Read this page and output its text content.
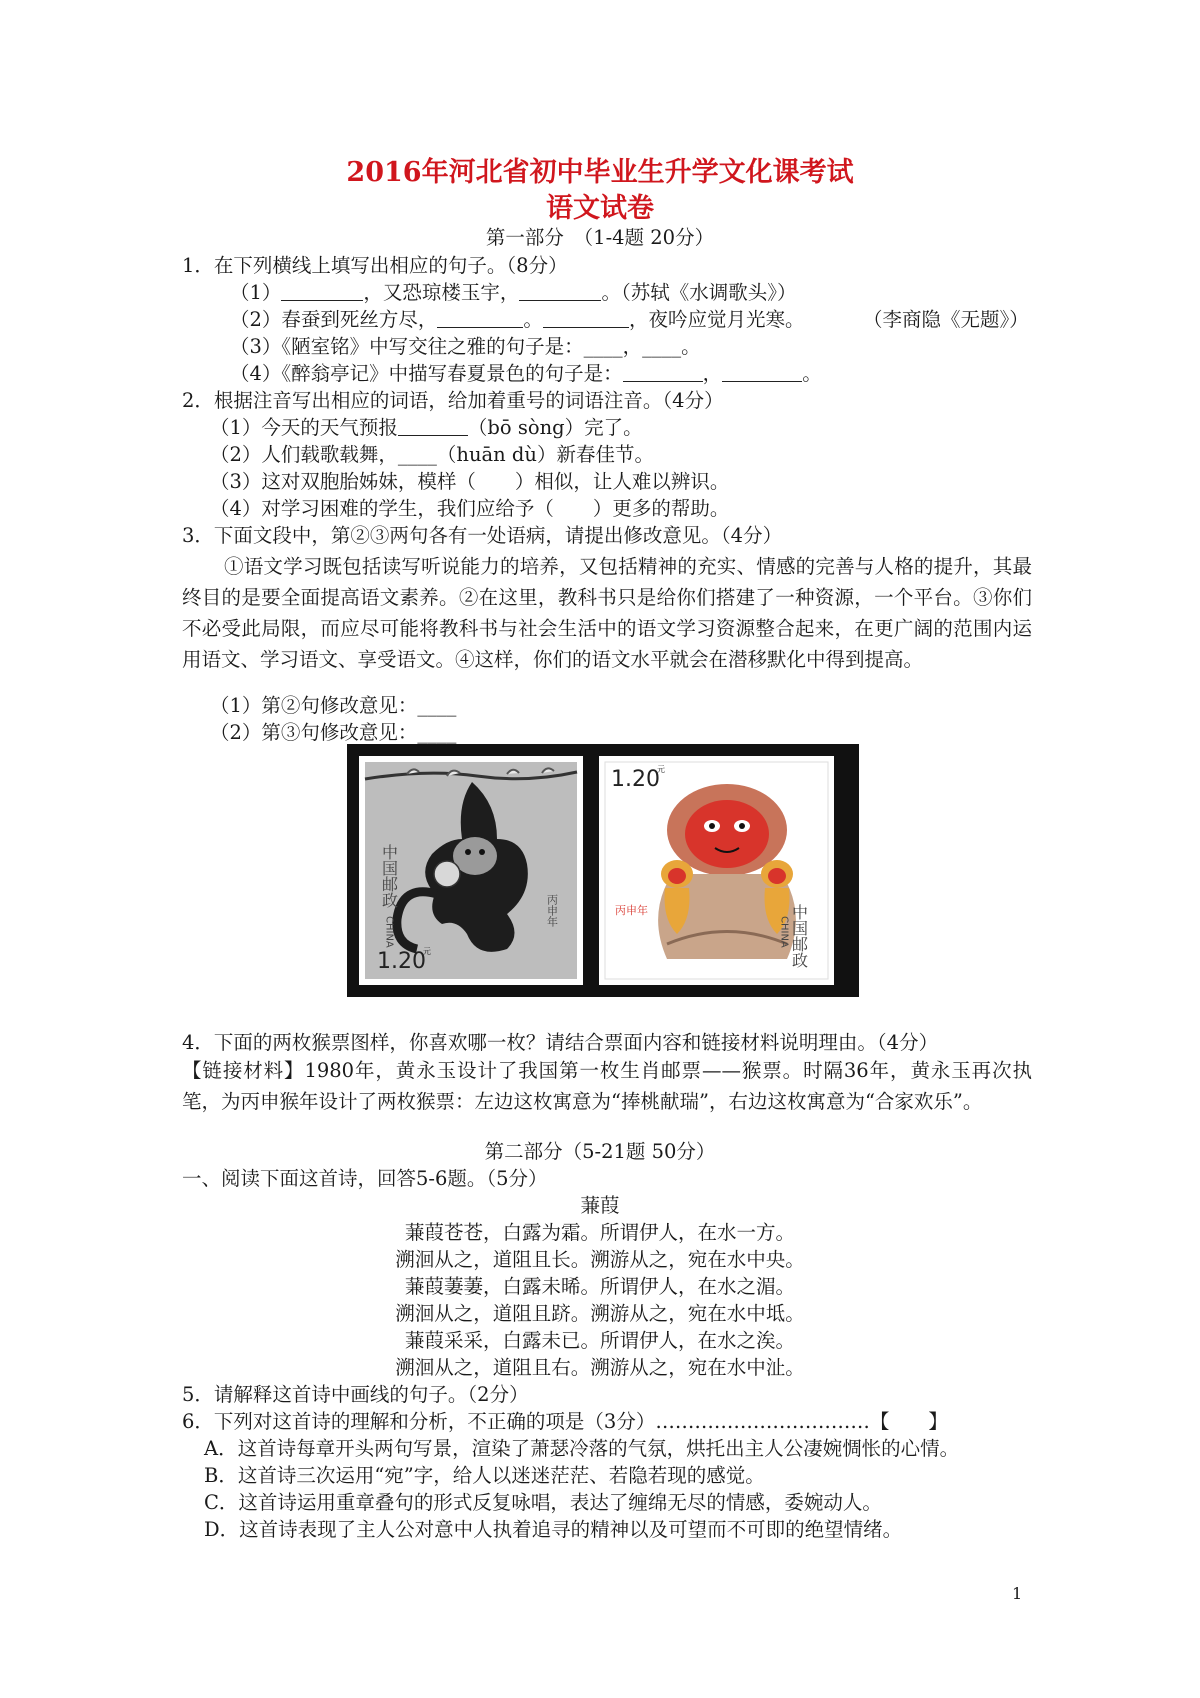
2016年河北省初中毕业生升学文化课考试
语文试卷
第一部分　（1-4题 20分）
1．在下列横线上填写出相应的句子。（8分）
（1）	，又恐琼楼玉宇，	。（苏轼《水调歌头》）
（2）春蚕到死丝方尽，	。	，夜吟应觉月光寒。	（李商隐《无题》）
（3）《陋室铭》中写交往之雅的句子是：____，____。
（4）《醉翁亭记》中描写春夏景色的句子是：	，	。
2．根据注音写出相应的词语，给加着重号的词语注音。（4分）
（1）今天的天气预报	（bō sòng）完了。
（2）人们载歌载舞，____（huān dù）新春佳节。
（3）这对双胞胎姊妹，模样（　　）相似，让人难以辨识。
（4）对学习困难的学生，我们应给予（　　）更多的帮助。
3．下面文段中，第②③两句各有一处语病，请提出修改意见。（4分）
①语文学习既包括读写听说能力的培养，又包括精神的充实、情感的完善与人格的提升，其最终目的是要全面提高语文素养。②在这里，教科书只是给你们搭建了一种资源，一个平台。③你们不必受此局限，而应尽可能将教科书与社会生活中的语文学习资源整合起来，在更广阔的范围内运用语文、学习语文、享受语文。④这样，你们的语文水平就会在潜移默化中得到提高。
（1）第②句修改意见：____
（2）第③句修改意见：____
中国邮政
CHINA
1.20
元
丙申年
1.20
元
丙申年	中国邮政
CHINA
4．下面的两枚猴票图样，你喜欢哪一枚？请结合票面内容和链接材料说明理由。（4分）
【链接材料】1980年，黄永玉设计了我国第一枚生肖邮票——猴票。时隔36年，黄永玉再次执笔，为丙申猴年设计了两枚猴票：左边这枚寓意为“捧桃献瑞”，右边这枚寓意为“合家欢乐”。
第二部分（5-21题 50分）
一、阅读下面这首诗，回答5-6题。（5分）
蒹葭
蒹葭苍苍，白露为霜。所谓伊人，在水一方。
溯洄从之，道阻且长。溯游从之，宛在水中央。
蒹葭萋萋，白露未晞。所谓伊人，在水之湄。
溯洄从之，道阻且跻。溯游从之，宛在水中坻。
蒹葭采采，白露未已。所谓伊人，在水之涘。
溯洄从之，道阻且右。溯游从之，宛在水中沚。
5．请解释这首诗中画线的句子。（2分）
6．下列对这首诗的理解和分析，不正确的项是（3分）……………………………【　　】
A．这首诗每章开头两句写景，渲染了萧瑟冷落的气氛，烘托出主人公凄婉惆怅的心情。
B．这首诗三次运用“宛”字，给人以迷迷茫茫、若隐若现的感觉。
C．这首诗运用重章叠句的形式反复咏唱，表达了缠绵无尽的情感，委婉动人。
D．这首诗表现了主人公对意中人执着追寻的精神以及可望而不可即的绝望情绪。
1
